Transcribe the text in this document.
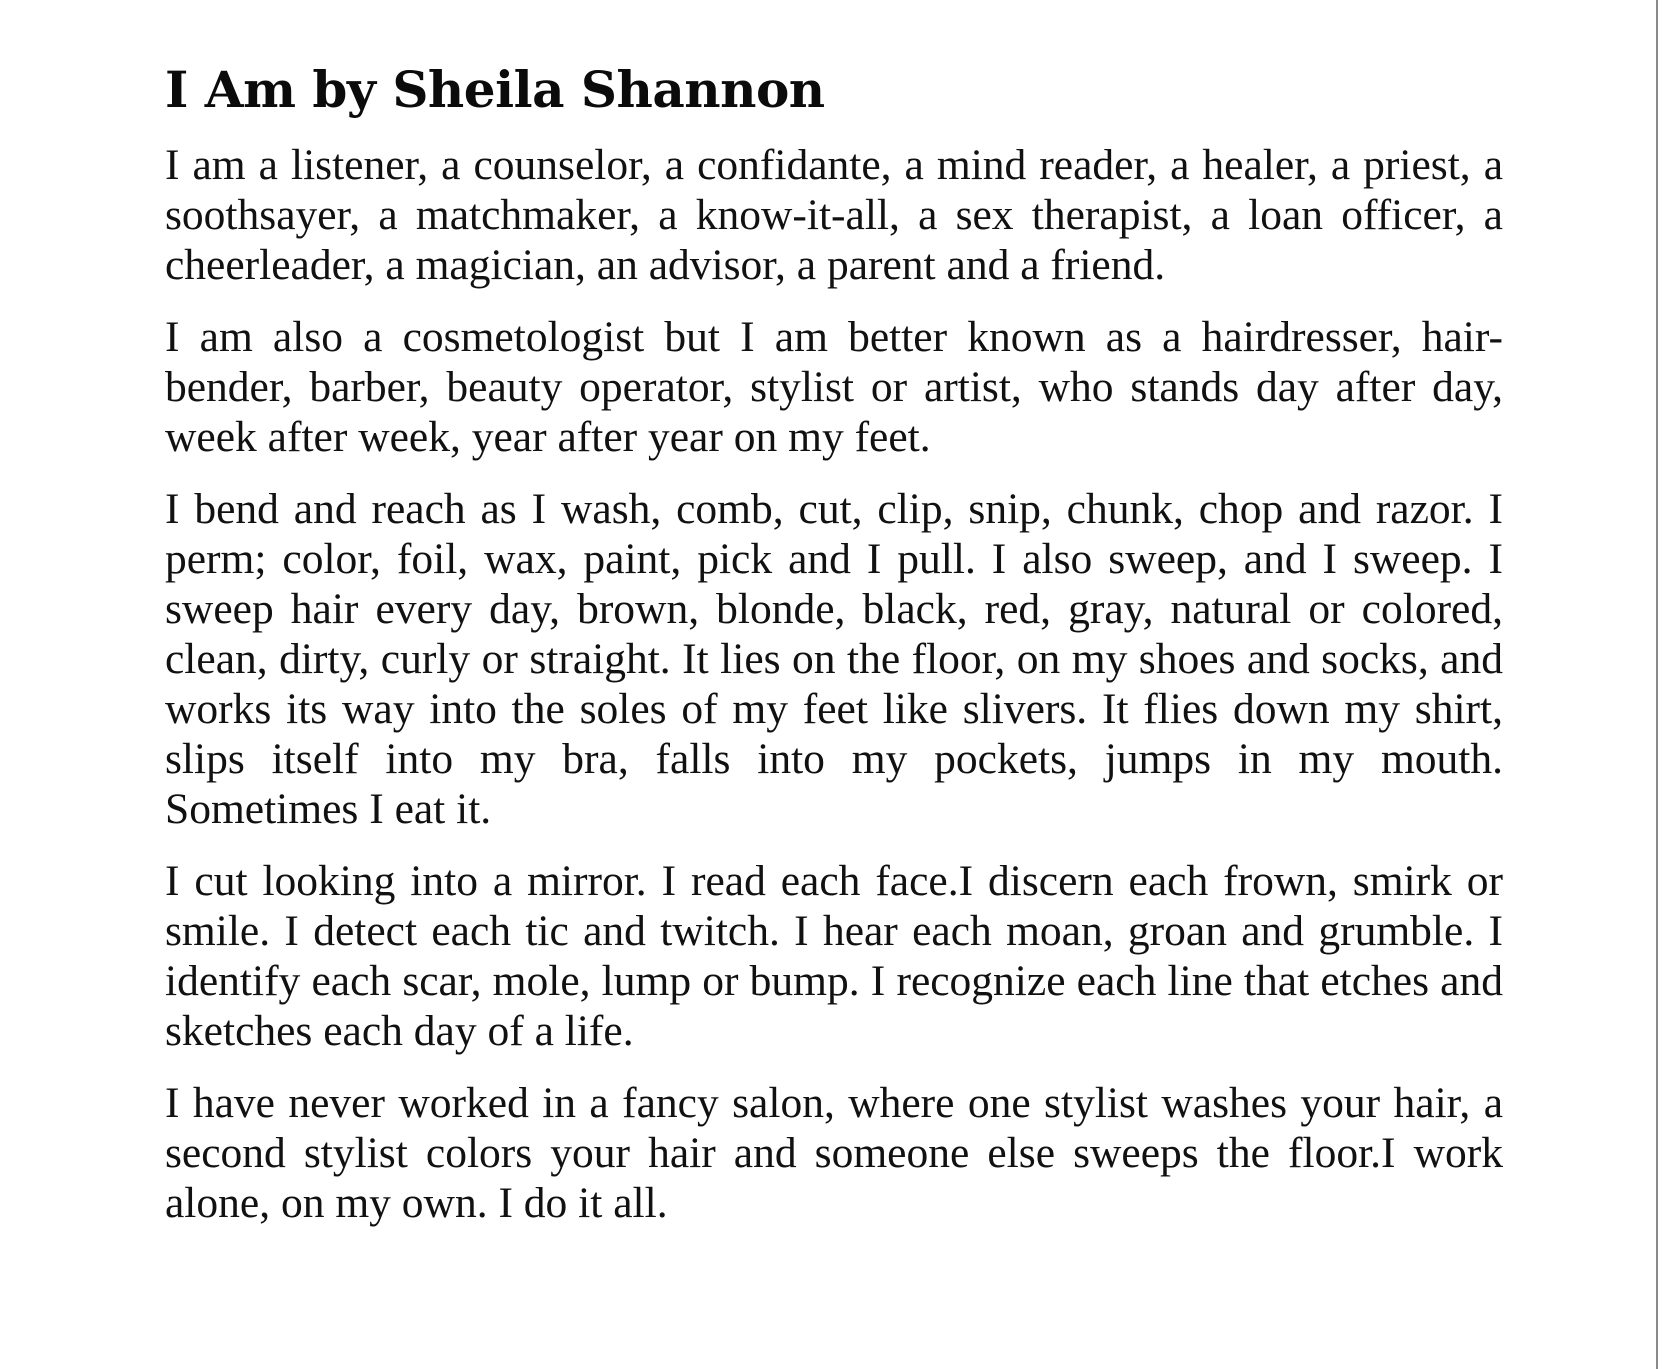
I Am by Sheila Shannon

I am a listener, a counselor, a confidante, a mind reader, a healer, a priest, a soothsayer, a matchmaker, a know-it-all, a sex therapist, a loan officer, a cheerleader, a magician, an advisor, a parent and a friend.

I am also a cosmetologist but I am better known as a hairdresser, hair-bender, barber, beauty operator, stylist or artist, who stands day after day, week after week, year after year on my feet.

I bend and reach as I wash, comb, cut, clip, snip, chunk, chop and razor. I perm; color, foil, wax, paint, pick and I pull. I also sweep, and I sweep. I sweep hair every day, brown, blonde, black, red, gray, natural or colored, clean, dirty, curly or straight. It lies on the floor, on my shoes and socks, and works its way into the soles of my feet like slivers. It flies down my shirt, slips itself into my bra, falls into my pockets, jumps in my mouth. Sometimes I eat it.

I cut looking into a mirror. I read each face.I discern each frown, smirk or smile. I detect each tic and twitch. I hear each moan, groan and grumble. I identify each scar, mole, lump or bump. I recognize each line that etches and sketches each day of a life.

I have never worked in a fancy salon, where one stylist washes your hair, a second stylist colors your hair and someone else sweeps the floor.I work alone, on my own. I do it all.
